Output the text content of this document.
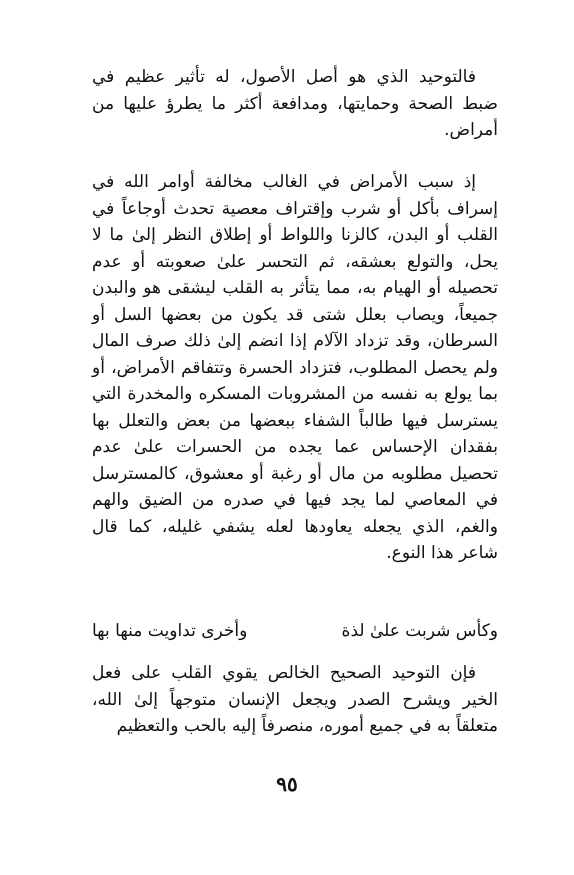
فالتوحيد الذي هو أصل الأصول، له تأثير عظيم في ضبط الصحة وحمايتها، ومدافعة أكثر ما يطرؤ عليها من أمراض.

إذ سبب الأمراض في الغالب مخالفة أوامر الله في إسراف بأكل أو شرب وإقتراف معصية تحدث أوجاعاً في القلب أو البدن، كالزنا واللواط أو إطلاق النظر إلىٰ ما لا يحل، والتولع بعشقه، ثم التحسر علىٰ صعوبته أو عدم تحصيله أو الهيام به، مما يتأثر به القلب ليشقى هو والبدن جميعاً، ويصاب بعلل شتى قد يكون من بعضها السل أو السرطان، وقد تزداد الآلام إذا انضم إلىٰ ذلك صرف المال ولم يحصل المطلوب، فتزداد الحسرة وتتفاقم الأمراض، أو بما يولع به نفسه من المشروبات المسكره والمخدرة التي يسترسل فيها طالباً الشفاء ببعضها من بعض والتعلل بها بفقدان الإحساس عما يجده من الحسرات علىٰ عدم تحصيل مطلوبه من مال أو رغبة أو معشوق، كالمسترسل في المعاصي لما يجد فيها في صدره من الضيق والهم والغم، الذي يجعله يعاودها لعله يشفي غليله، كما قال شاعر هذا النوع.

وكأس شربت علىٰ لذة
وأخرى تداويت منها بها

فإن التوحيد الصحيح الخالص يقوي القلب على فعل الخير ويشرح الصدر ويجعل الإنسان متوجهاً إلىٰ الله، متعلقاً به في جميع أموره، منصرفاً إليه بالحب والتعظيم

٩٥
